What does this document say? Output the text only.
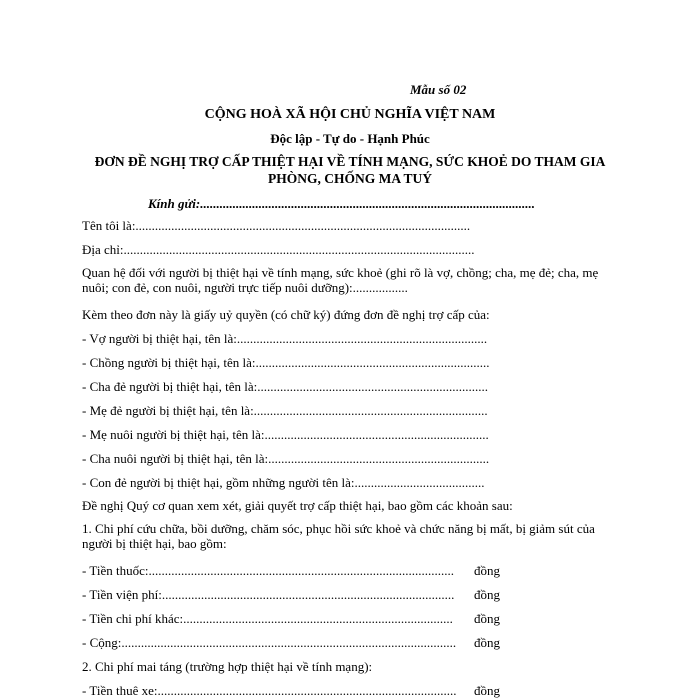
Mẫu số 02
CỘNG HOÀ XÃ HỘI CHỦ NGHĨA VIỆT NAM
Độc lập - Tự do - Hạnh Phúc
ĐƠN ĐỀ NGHỊ TRỢ CẤP THIỆT HẠI VỀ TÍNH MẠNG, SỨC KHOẺ DO THAM GIA
PHÒNG, CHỐNG MA TUÝ
Kính gửi:.......................................................................................................
Tên tôi là:.......................................................................................................
Địa chỉ:............................................................................................................
Quan hệ đối với người bị thiệt hại về tính mạng, sức khoẻ (ghi rõ là vợ, chồng; cha, mẹ đẻ; cha, mẹ nuôi; con đẻ, con nuôi, người trực tiếp nuôi dưỡng):.................
Kèm theo đơn này là giấy uỷ quyền (có chữ ký) đứng đơn đề nghị trợ cấp của:
- Vợ người bị thiệt hại, tên là:.............................................................................
- Chồng người bị thiệt hại, tên là:........................................................................
- Cha đẻ người bị thiệt hại, tên là:.......................................................................
- Mẹ đẻ người bị thiệt hại, tên là:........................................................................
- Mẹ nuôi người bị thiệt hại, tên là:.....................................................................
- Cha nuôi người bị thiệt hại, tên là:....................................................................
- Con đẻ người bị thiệt hại, gồm những người tên là:........................................
Đề nghị Quý cơ quan xem xét, giải quyết trợ cấp thiệt hại, bao gồm các khoản sau:
1. Chi phí cứu chữa, bồi dưỡng, chăm sóc, phục hồi sức khoẻ và chức năng bị mất, bị giảm sút của người bị thiệt hại, bao gồm:
- Tiền thuốc:.............................................................................................. đồng
- Tiền viện phí:.......................................................................................... đồng
- Tiền chi phí khác:................................................................................... đồng
- Cộng:....................................................................................................... đồng
2. Chi phí mai táng (trường hợp thiệt hại về tính mạng):
- Tiền thuê xe:............................................................................................ đồng
